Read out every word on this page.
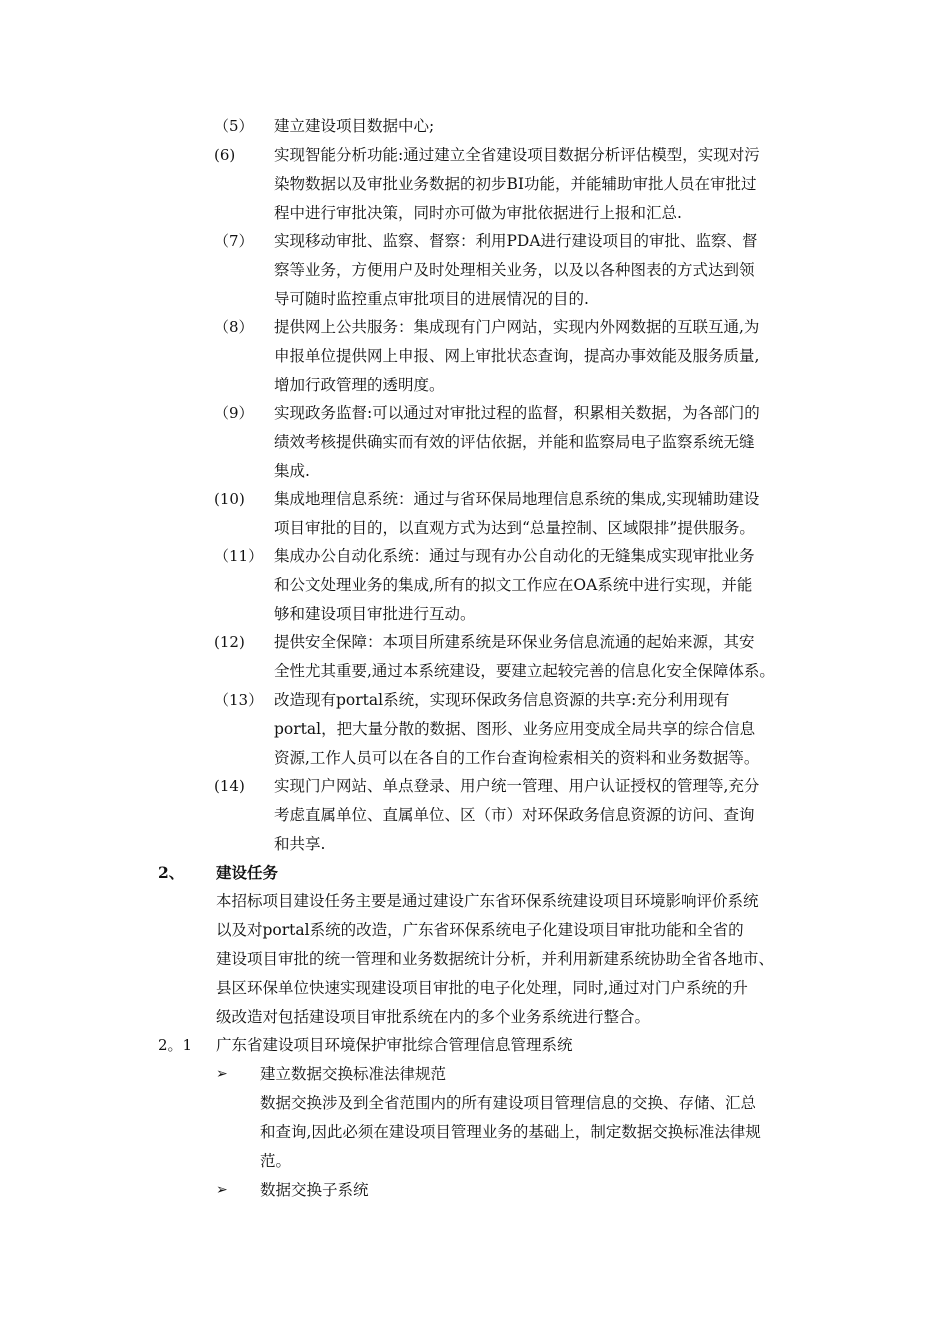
（5）	建立建设项目数据中心;
(6)	实现智能分析功能:通过建立全省建设项目数据分析评估模型，实现对污
染物数据以及审批业务数据的初步BI功能，并能辅助审批人员在审批过
程中进行审批决策，同时亦可做为审批依据进行上报和汇总.
（7）	实现移动审批、监察、督察：利用PDA进行建设项目的审批、监察、督
察等业务，方便用户及时处理相关业务，以及以各种图表的方式达到领
导可随时监控重点审批项目的进展情况的目的.
（8）	提供网上公共服务：集成现有门户网站，实现内外网数据的互联互通,为
申报单位提供网上申报、网上审批状态查询，提高办事效能及服务质量,
增加行政管理的透明度。
（9）	实现政务监督:可以通过对审批过程的监督，积累相关数据，为各部门的
绩效考核提供确实而有效的评估依据，并能和监察局电子监察系统无缝
集成.
(10)	集成地理信息系统：通过与省环保局地理信息系统的集成,实现辅助建设
项目审批的目的，以直观方式为达到“总量控制、区域限排”提供服务。
（11） 集成办公自动化系统：通过与现有办公自动化的无缝集成实现审批业务
和公文处理业务的集成,所有的拟文工作应在OA系统中进行实现，并能
够和建设项目审批进行互动。
(12)	提供安全保障：本项目所建系统是环保业务信息流通的起始来源，其安
全性尤其重要,通过本系统建设，要建立起较完善的信息化安全保障体系。
（13） 改造现有portal系统，实现环保政务信息资源的共享:充分利用现有
portal，把大量分散的数据、图形、业务应用变成全局共享的综合信息
资源,工作人员可以在各自的工作台查询检索相关的资料和业务数据等。
(14)	实现门户网站、单点登录、用户统一管理、用户认证授权的管理等,充分
考虑直属单位、直属单位、区（市）对环保政务信息资源的访问、查询
和共享.
2、 建设任务
本招标项目建设任务主要是通过建设广东省环保系统建设项目环境影响评价系统
以及对portal系统的改造，广东省环保系统电子化建设项目审批功能和全省的
建设项目审批的统一管理和业务数据统计分析，并利用新建系统协助全省各地市、
县区环保单位快速实现建设项目审批的电子化处理，同时,通过对门户系统的升
级改造对包括建设项目审批系统在内的多个业务系统进行整合。
2。1 广东省建设项目环境保护审批综合管理信息管理系统
➢ 建立数据交换标准法律规范
数据交换涉及到全省范围内的所有建设项目管理信息的交换、存储、汇总
和查询,因此必须在建设项目管理业务的基础上，制定数据交换标准法律规
范。
➢ 数据交换子系统
